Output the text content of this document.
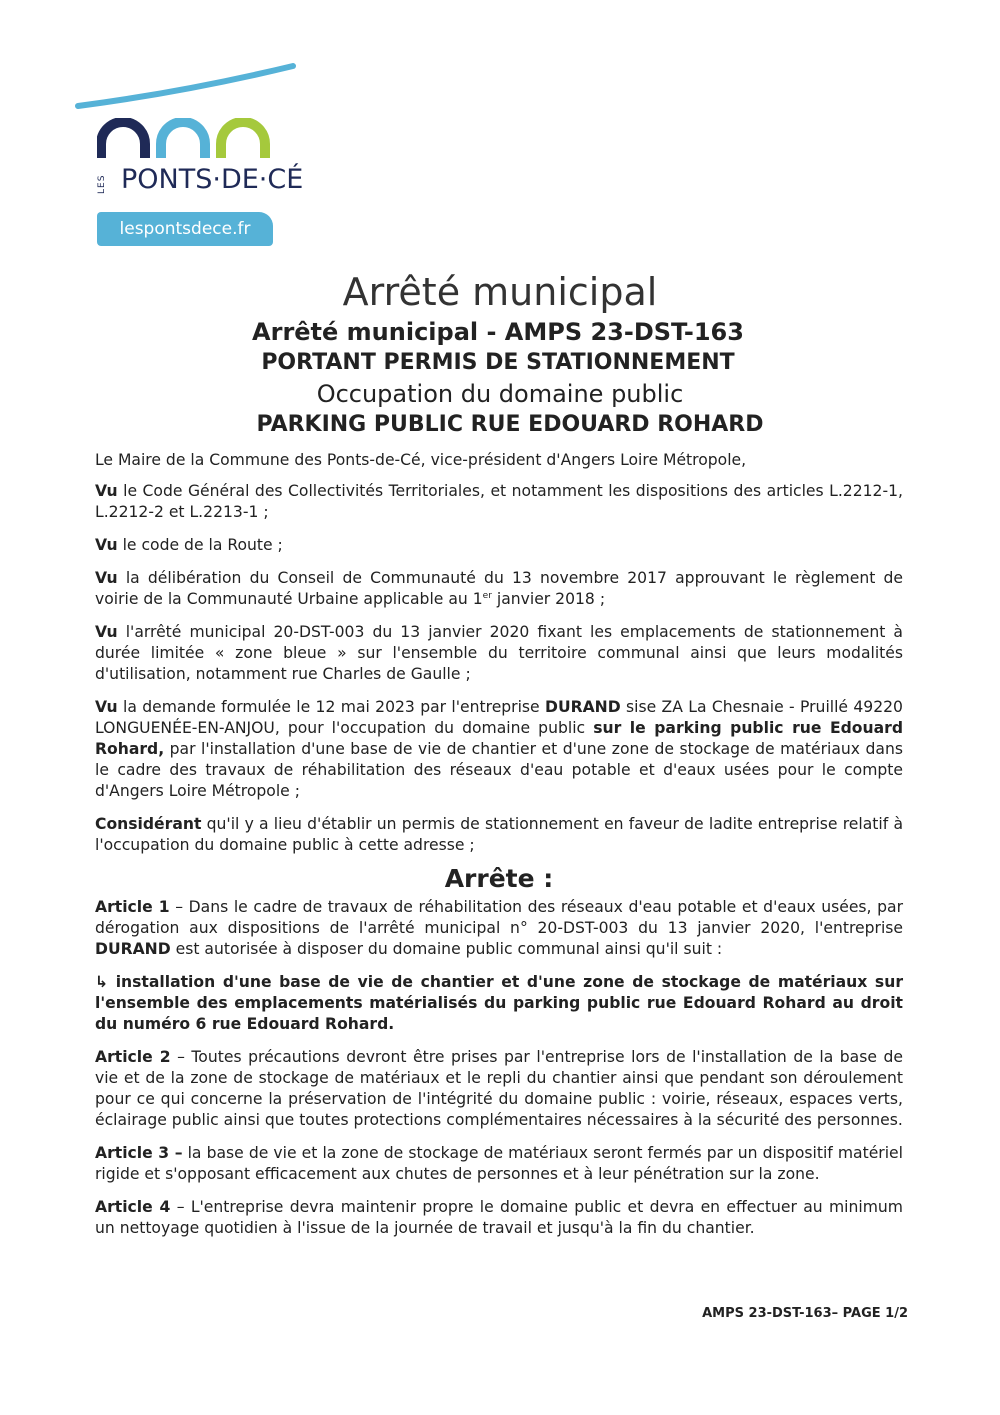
LES PONTS·DE·CÉ
lespontsdece.fr
Arrêté municipal
Arrêté municipal - AMPS 23-DST-163
PORTANT PERMIS DE STATIONNEMENT
Occupation du domaine public
PARKING PUBLIC RUE EDOUARD ROHARD

Le Maire de la Commune des Ponts-de-Cé, vice-président d'Angers Loire Métropole,

Vu le Code Général des Collectivités Territoriales, et notamment les dispositions des articles L.2212-1, L.2212-2 et L.2213-1 ;

Vu le code de la Route ;

Vu la délibération du Conseil de Communauté du 13 novembre 2017 approuvant le règlement de voirie de la Communauté Urbaine applicable au 1er janvier 2018 ;

Vu l'arrêté municipal 20-DST-003 du 13 janvier 2020 fixant les emplacements de stationnement à durée limitée « zone bleue » sur l'ensemble du territoire communal ainsi que leurs modalités d'utilisation, notamment rue Charles de Gaulle ;

Vu la demande formulée le 12 mai 2023 par l'entreprise DURAND sise ZA La Chesnaie - Pruillé 49220 LONGUENÉE-EN-ANJOU, pour l'occupation du domaine public sur le parking public rue Edouard Rohard, par l'installation d'une base de vie de chantier et d'une zone de stockage de matériaux dans le cadre des travaux de réhabilitation des réseaux d'eau potable et d'eaux usées pour le compte d'Angers Loire Métropole ;

Considérant qu'il y a lieu d'établir un permis de stationnement en faveur de ladite entreprise relatif à l'occupation du domaine public à cette adresse ;

Arrête :

Article 1 – Dans le cadre de travaux de réhabilitation des réseaux d'eau potable et d'eaux usées, par dérogation aux dispositions de l'arrêté municipal n° 20-DST-003 du 13 janvier 2020, l'entreprise DURAND est autorisée à disposer du domaine public communal ainsi qu'il suit :

↳ installation d'une base de vie de chantier et d'une zone de stockage de matériaux sur l'ensemble des emplacements matérialisés du parking public rue Edouard Rohard au droit du numéro 6 rue Edouard Rohard.

Article 2 – Toutes précautions devront être prises par l'entreprise lors de l'installation de la base de vie et de la zone de stockage de matériaux et le repli du chantier ainsi que pendant son déroulement pour ce qui concerne la préservation de l'intégrité du domaine public : voirie, réseaux, espaces verts, éclairage public ainsi que toutes protections complémentaires nécessaires à la sécurité des personnes.

Article 3 – la base de vie et la zone de stockage de matériaux seront fermés par un dispositif matériel rigide et s'opposant efficacement aux chutes de personnes et à leur pénétration sur la zone.

Article 4 – L'entreprise devra maintenir propre le domaine public et devra en effectuer au minimum un nettoyage quotidien à l'issue de la journée de travail et jusqu'à la fin du chantier.

AMPS 23-DST-163– PAGE 1/2
